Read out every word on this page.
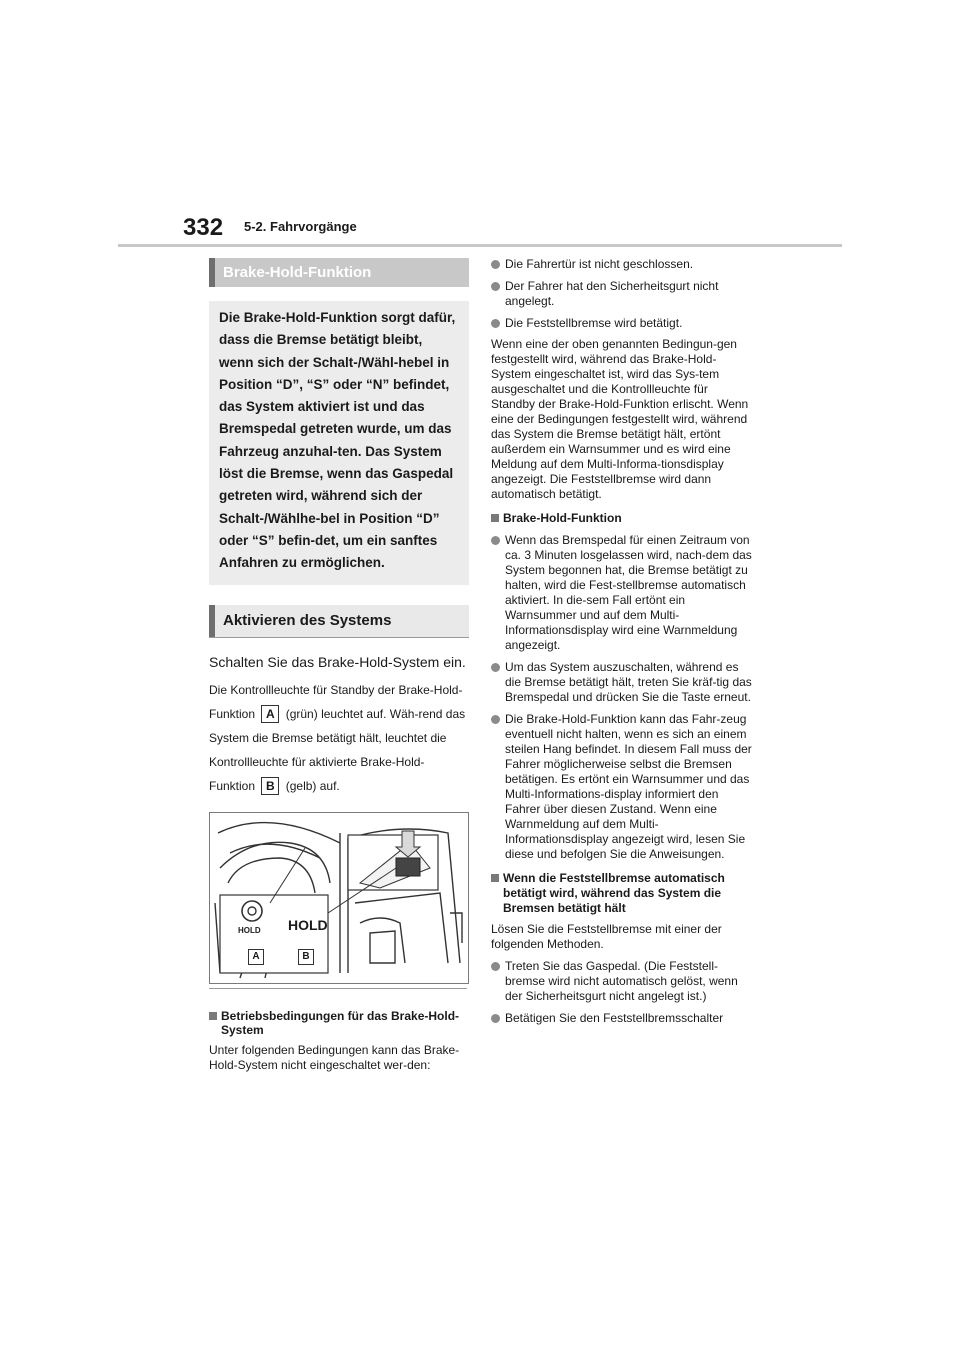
332 5-2. Fahrvorgänge
Brake-Hold-Funktion
Die Brake-Hold-Funktion sorgt dafür, dass die Bremse betätigt bleibt, wenn sich der Schalt-/Wähl-hebel in Position “D”, “S” oder “N” befindet, das System aktiviert ist und das Bremspedal getreten wurde, um das Fahrzeug anzuhal-ten. Das System löst die Bremse, wenn das Gaspedal getreten wird, während sich der Schalt-/Wählhe-bel in Position “D” oder “S” befin-det, um ein sanftes Anfahren zu ermöglichen.
Aktivieren des Systems
Schalten Sie das Brake-Hold-System ein.
Die Kontrollleuchte für Standby der Brake-Hold-Funktion A (grün) leuchtet auf. Wäh-rend das System die Bremse betätigt hält, leuchtet die Kontrollleuchte für aktivierte Brake-Hold-Funktion B (gelb) auf.
HOLD HOLD
A	B
Betriebsbedingungen für das Brake-Hold-System
Unter folgenden Bedingungen kann das Brake-Hold-System nicht eingeschaltet wer-den:
Die Fahrertür ist nicht geschlossen.
Der Fahrer hat den Sicherheitsgurt nicht angelegt.
Die Feststellbremse wird betätigt.
Wenn eine der oben genannten Bedingun-gen festgestellt wird, während das Brake-Hold-System eingeschaltet ist, wird das Sys-tem ausgeschaltet und die Kontrollleuchte für Standby der Brake-Hold-Funktion erlischt. Wenn eine der Bedingungen festgestellt wird, während das System die Bremse betätigt hält, ertönt außerdem ein Warnsummer und es wird eine Meldung auf dem Multi-Informa-tionsdisplay angezeigt. Die Feststellbremse wird dann automatisch betätigt.
Brake-Hold-Funktion
Wenn das Bremspedal für einen Zeitraum von ca. 3 Minuten losgelassen wird, nach-dem das System begonnen hat, die Bremse betätigt zu halten, wird die Fest-stellbremse automatisch aktiviert. In die-sem Fall ertönt ein Warnsummer und auf dem Multi-Informationsdisplay wird eine Warnmeldung angezeigt.
Um das System auszuschalten, während es die Bremse betätigt hält, treten Sie kräf-tig das Bremspedal und drücken Sie die Taste erneut.
Die Brake-Hold-Funktion kann das Fahr-zeug eventuell nicht halten, wenn es sich an einem steilen Hang befindet. In diesem Fall muss der Fahrer möglicherweise selbst die Bremsen betätigen. Es ertönt ein Warnsummer und das Multi-Informations-display informiert den Fahrer über diesen Zustand. Wenn eine Warnmeldung auf dem Multi-Informationsdisplay angezeigt wird, lesen Sie diese und befolgen Sie die Anweisungen.
Wenn die Feststellbremse automatisch betätigt wird, während das System die Bremsen betätigt hält
Lösen Sie die Feststellbremse mit einer der folgenden Methoden.
Treten Sie das Gaspedal. (Die Feststell-bremse wird nicht automatisch gelöst, wenn der Sicherheitsgurt nicht angelegt ist.)
Betätigen Sie den Feststellbremsschalter
